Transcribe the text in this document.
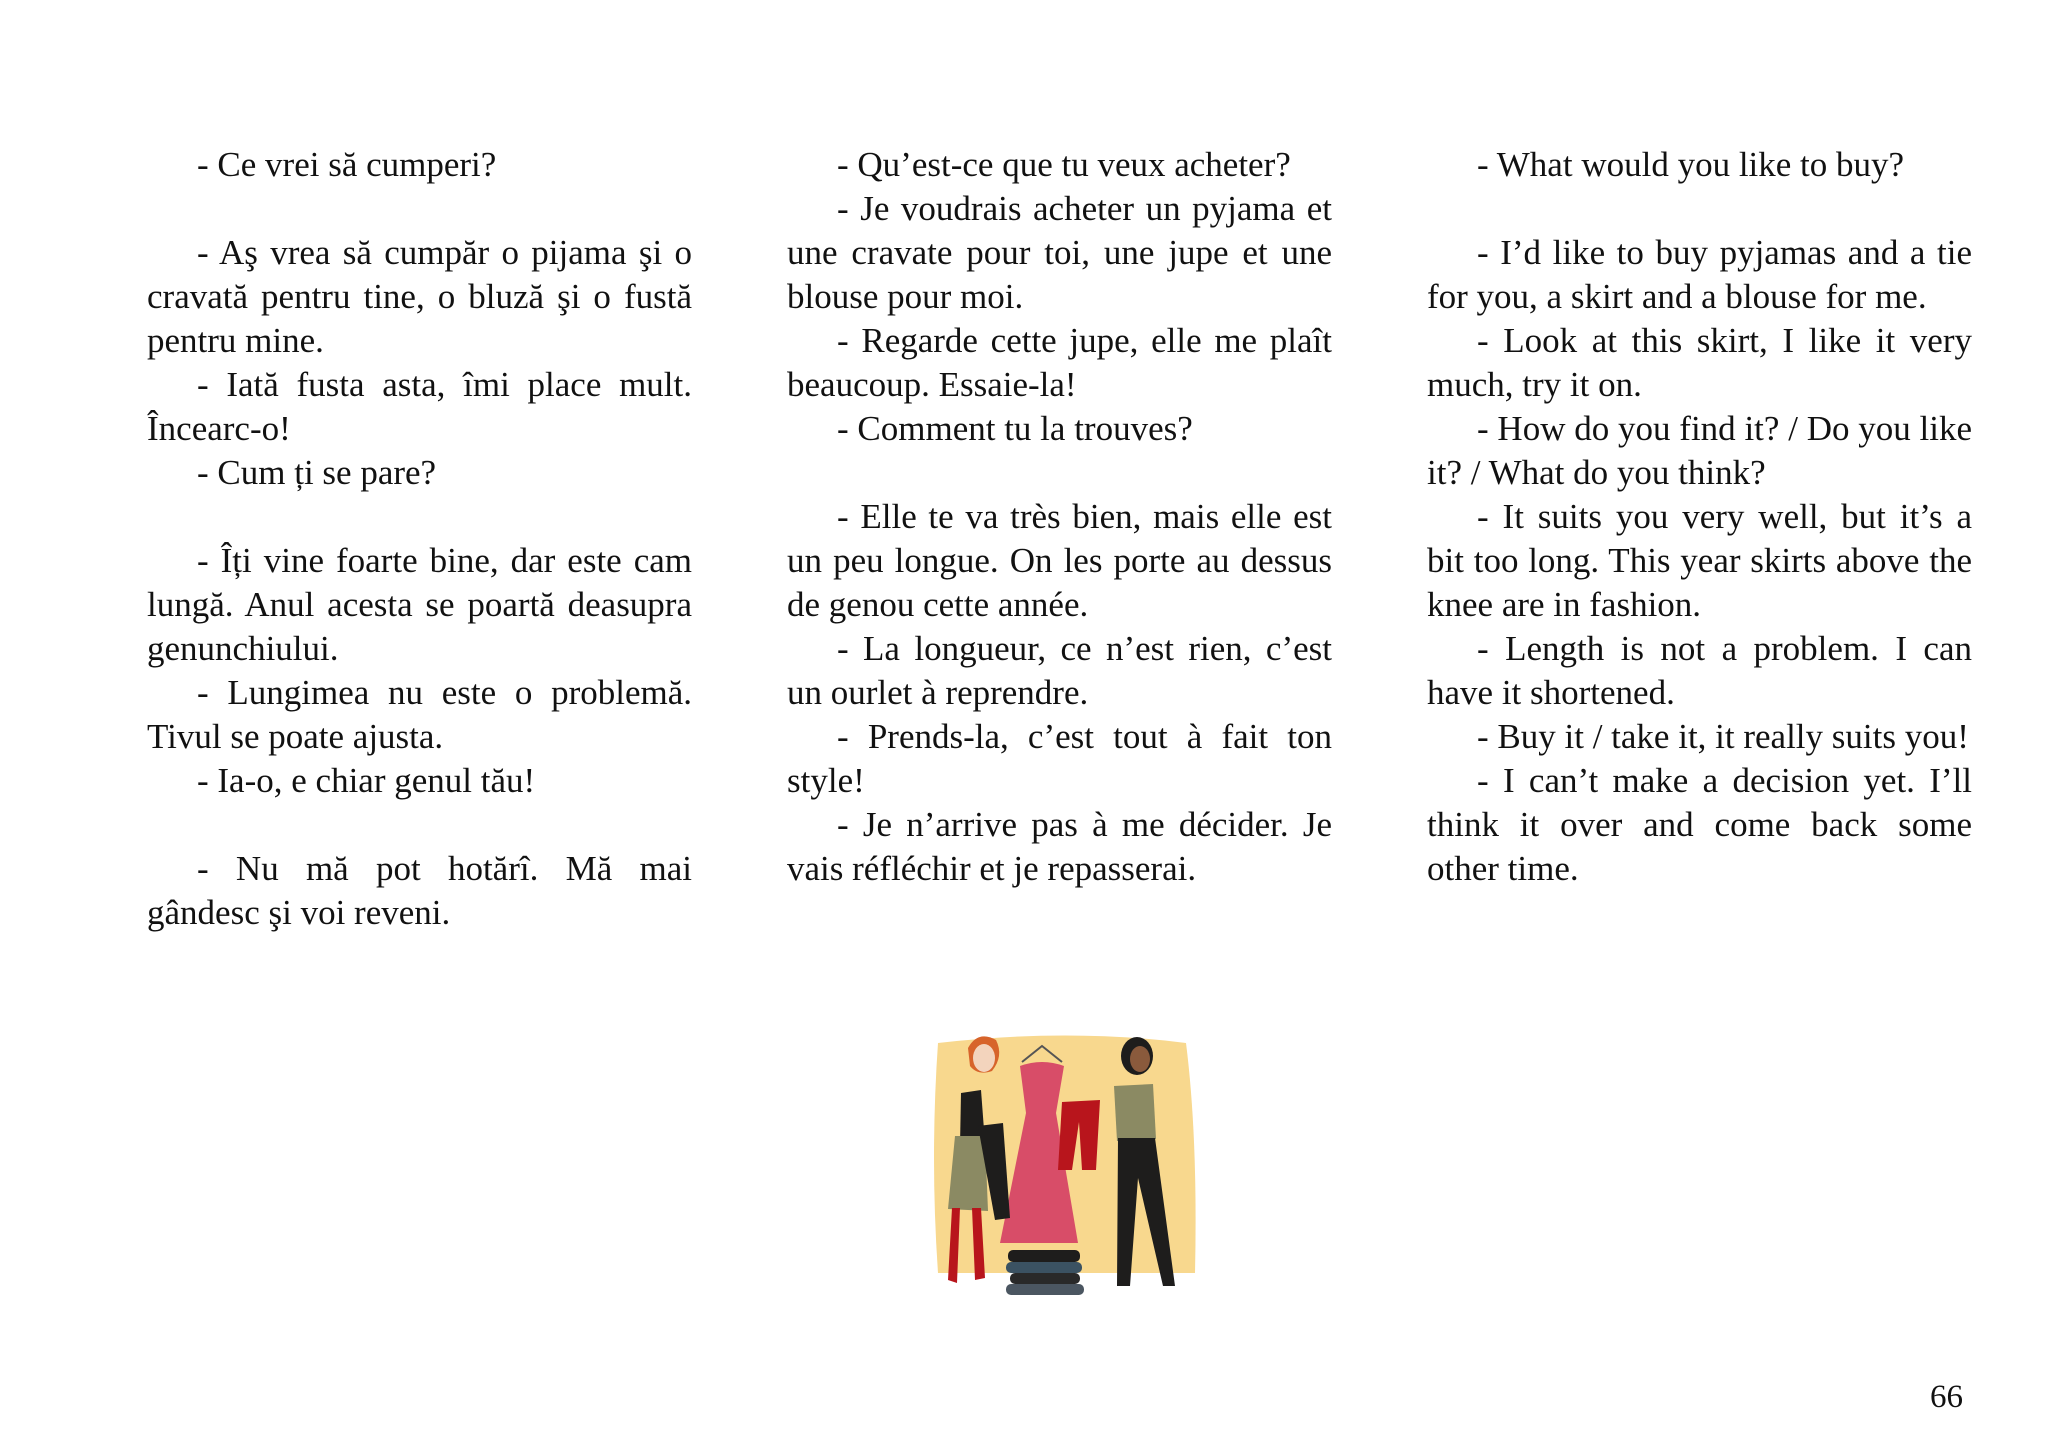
- Ce vrei să cumperi?

- Aş vrea să cumpăr o pijama şi o cravată pentru tine, o bluză şi o fustă pentru mine.

- Iată fusta asta, îmi place mult. Încearc-o!

- Cum ți se pare?

- Îți vine foarte bine, dar este cam lungă. Anul acesta se poartă deasupra genunchiului.

- Lungimea nu este o problemă. Tivul se poate ajusta.

- Ia-o, e chiar genul tău!

- Nu mă pot hotărî. Mă mai gândesc şi voi reveni.

- Qu’est-ce que tu veux acheter?

- Je voudrais acheter un pyjama et une cravate pour toi, une jupe et une blouse pour moi.

- Regarde cette jupe, elle me plaît beaucoup. Essaie-la!

- Comment tu la trouves?

- Elle te va très bien, mais elle est un peu longue. On les porte au dessus de genou cette année.

- La longueur, ce n’est rien, c’est un ourlet à reprendre.

- Prends-la, c’est tout à fait ton style!

- Je n’arrive pas à me décider. Je vais réfléchir et je repasserai.

- What would you like to buy?

- I’d like to buy pyjamas and a tie for you, a skirt and a blouse for me.

- Look at this skirt, I like it very much, try it on.

- How do you find it? / Do you like it? / What do you think?

- It suits you very well, but it’s a bit too long. This year skirts above the knee are in fashion.

- Length is not a problem. I can have it shortened.

- Buy it / take it, it really suits you!

- I can’t make a decision yet. I’ll think it over and come back some other time.

66
